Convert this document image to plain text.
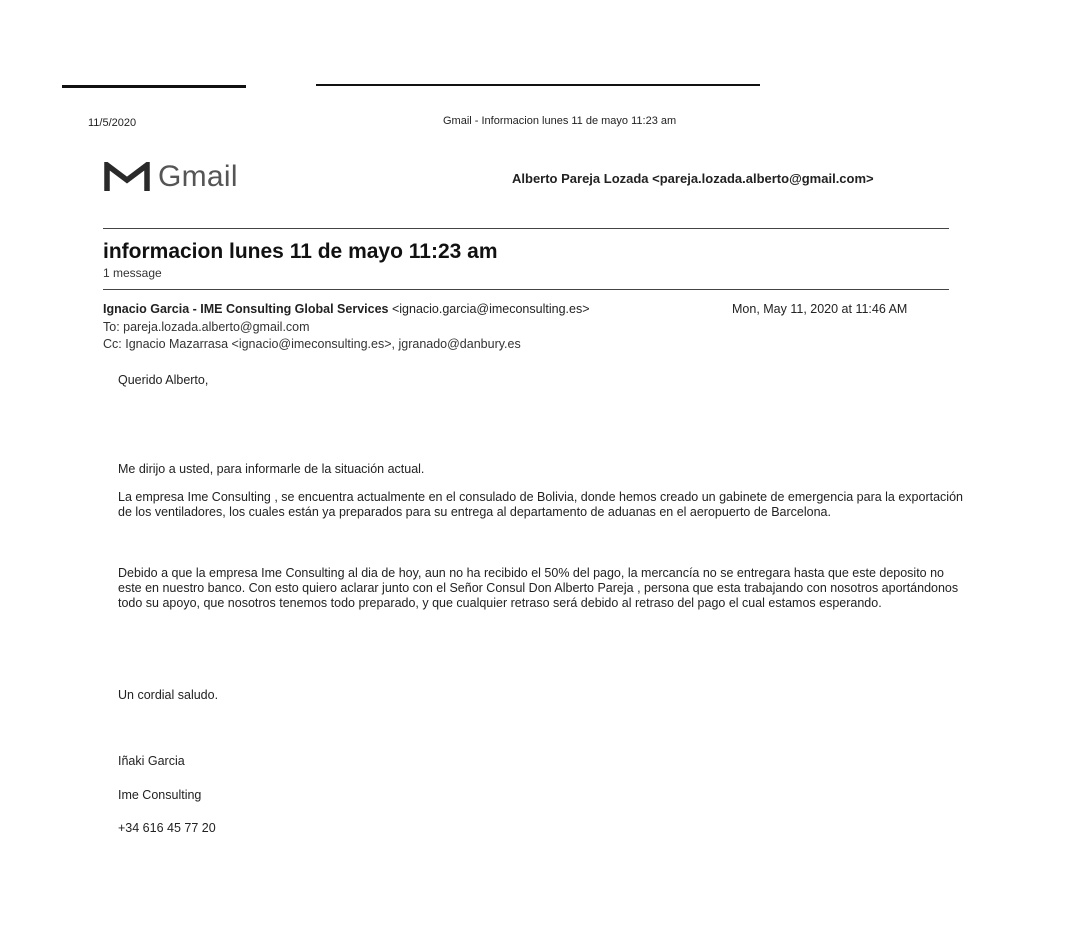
11/5/2020	Gmail - Informacion lunes 11 de mayo 11:23 am
Gmail	Alberto Pareja Lozada <pareja.lozada.alberto@gmail.com>
informacion lunes 11 de mayo 11:23 am
1 message
Ignacio Garcia - IME Consulting Global Services <ignacio.garcia@imeconsulting.es>	Mon, May 11, 2020 at 11:46 AM
To: pareja.lozada.alberto@gmail.com
Cc: Ignacio Mazarrasa <ignacio@imeconsulting.es>, jgranado@danbury.es
Querido Alberto,
Me dirijo a usted, para informarle de la situación actual.
La empresa Ime Consulting , se encuentra actualmente en el consulado de Bolivia, donde hemos creado un gabinete de emergencia para la exportación de los ventiladores, los cuales están ya preparados para su entrega al departamento de aduanas en el aeropuerto de Barcelona.
Debido a que la empresa Ime Consulting al dia de hoy, aun no ha recibido el 50% del pago, la mercancía no se entregara hasta que este deposito no este en nuestro banco. Con esto quiero aclarar junto con el Señor Consul Don Alberto Pareja , persona que esta trabajando con nosotros aportándonos todo su apoyo, que nosotros tenemos todo preparado, y que cualquier retraso será debido al retraso del pago el cual estamos esperando.
Un cordial saludo.
Iñaki Garcia
Ime Consulting
+34 616 45 77 20
